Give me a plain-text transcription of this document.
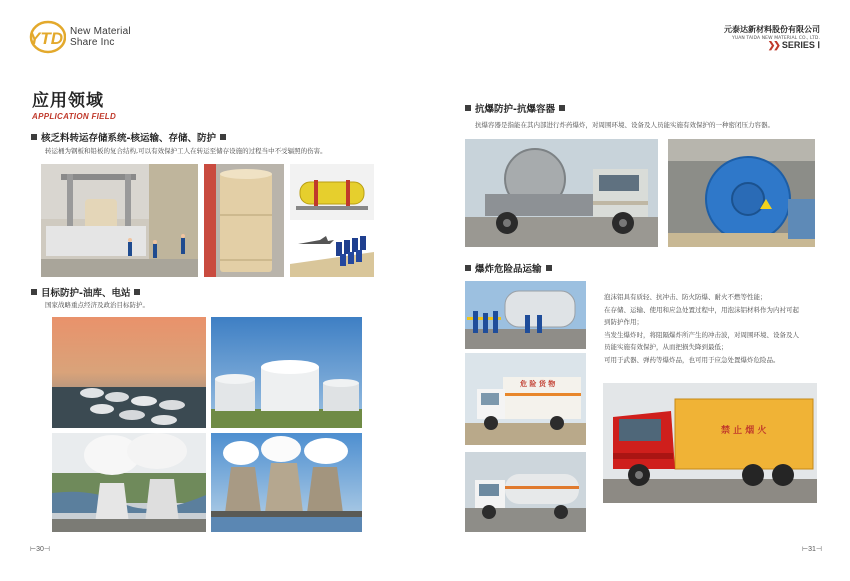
YTD New Material
Share Inc
应用领域
APPLICATION FIELD
核乏料转运存储系统-核运输、存储、防护
转运桶为钢板和铅板的复合结构,可以有效保护工人在转运至储存设施的过程当中不受辐照的伤害。
目标防护-油库、电站
国家战略重点经济及政治目标防护。
⊢30⊣
元泰达新材料股份有限公司
YUAN TAIDA NEW MATERIAL CO., LTD.
❯❯ SERIES Ⅰ
抗爆防护-抗爆容器
抗爆容器是指能在其内部进行炸药爆炸，对周围环境、设备及人员能实施有效保护的一种密闭压力容器。
爆炸危险品运输
危 险 货 物
泡沫铝具有质轻、抗冲击、防火防爆、耐火不燃等性能；
在存储、运输、使用和应急处置过程中，用泡沫铝材料作为内衬可起
到防护作用；
当发生爆炸时，将阻隔爆炸所产生的冲击波，对周围环境、设备及人
员能实施有效保护，从而把损失降到最低；
可用于武器、弹药等爆炸品，也可用于应急处置爆炸危险品。
禁 止 烟 火
⊢31⊣
